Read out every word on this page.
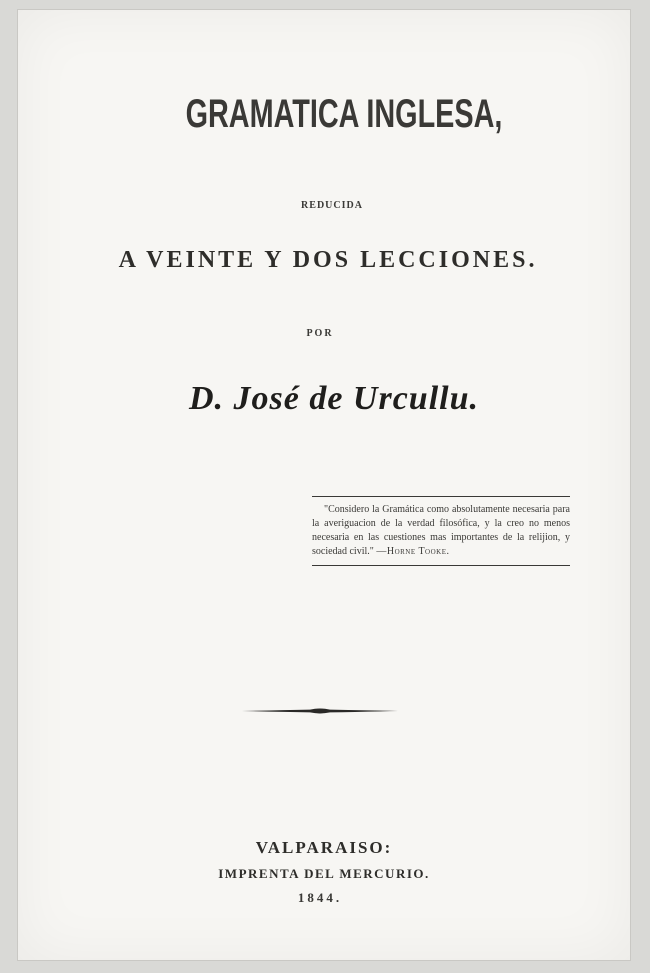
GRAMATICA INGLESA,
REDUCIDA
A VEINTE Y DOS LECCIONES.
POR
D. José de Urcullu.
"Considero la Gramática como absolutamente necesaria para la averiguacion de la verdad filosófica, y la creo no menos necesaria en las cuestiones mas importantes de la relijion, y sociedad civil." —Horne Tooke.
VALPARAISO:
IMPRENTA DEL MERCURIO.
1844.
